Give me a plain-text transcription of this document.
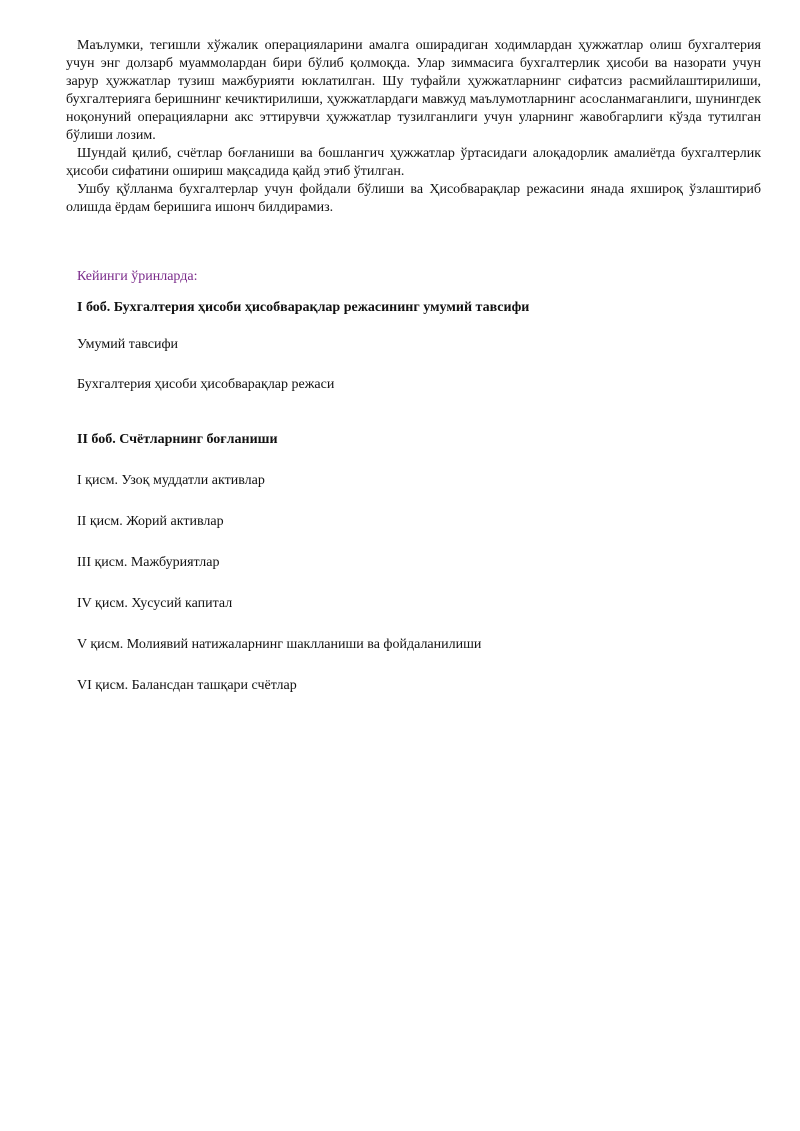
Маълумки, тегишли хўжалик операцияларини амалга оширадиган ходимлардан ҳужжатлар олиш бухгалтерия учун энг долзарб муаммолардан бири бўлиб қолмоқда. Улар зиммасига бухгалтерлик ҳисоби ва назорати учун зарур ҳужжатлар тузиш мажбурияти юклатилган. Шу туфайли ҳужжатларнинг сифатсиз расмийлаштирилиши, бухгалтерияга беришнинг кечиктирилиши, ҳужжатлардаги мавжуд маълумотларнинг асосланмаганлиги, шунингдек ноқонуний операцияларни акс эттирувчи ҳужжатлар тузилганлиги учун уларнинг жавобгарлиги кўзда тутилган бўлиши лозим.

Шундай қилиб, счётлар боғланиши ва бошлангич ҳужжатлар ўртасидаги алоқадорлик амалиётда бухгалтерлик ҳисоби сифатини ошириш мақсадида қайд этиб ўтилган.

Ушбу қўлланма бухгалтерлар учун фойдали бўлиши ва Ҳисобварақлар режасини янада яхшироқ ўзлаштириб олишда ёрдам беришига ишонч билдирамиз.

Кейинги ўринларда:

I боб. Бухгалтерия ҳисоби ҳисобварақлар режасининг умумий тавсифи

Умумий тавсифи

Бухгалтерия ҳисоби ҳисобварақлар режаси

II боб. Счётларнинг боғланиши

I қисм. Узоқ муддатли активлар

II қисм. Жорий активлар

III қисм. Мажбуриятлар

IV қисм. Хусусий капитал

V қисм. Молиявий натижаларнинг шаклланиши ва фойдаланилиши

VI қисм. Балансдан ташқари счётлар
